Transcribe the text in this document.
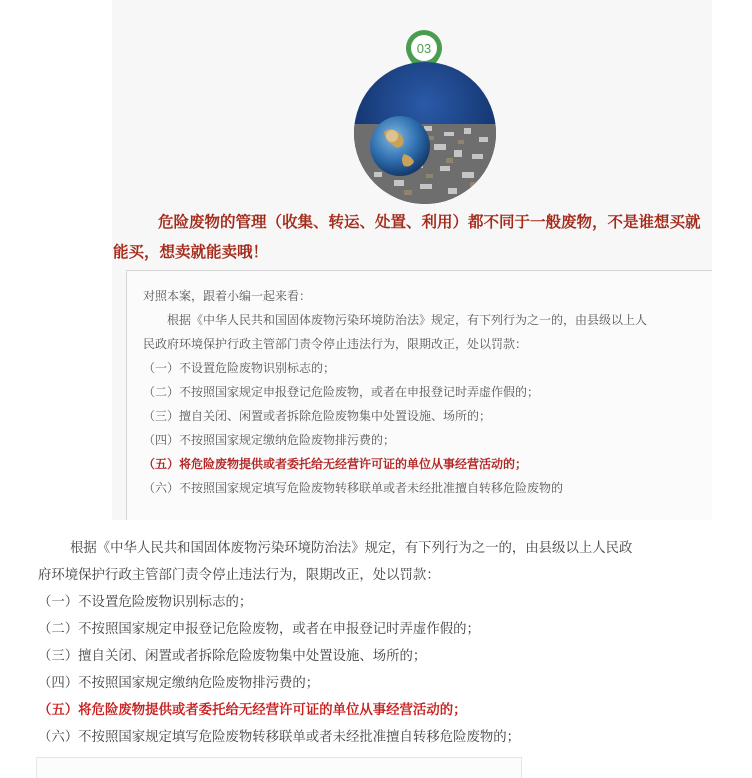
03
危险废物的管理（收集、转运、处置、利用）都不同于一般废物，不是谁想买就
能买，想卖就能卖哦！
对照本案，跟着小编一起来看：
根据《中华人民共和国固体废物污染环境防治法》规定，有下列行为之一的，由县级以上人
民政府环境保护行政主管部门责令停止违法行为，限期改正，处以罚款：
（一）不设置危险废物识别标志的；
（二）不按照国家规定申报登记危险废物，或者在申报登记时弄虚作假的；
（三）擅自关闭、闲置或者拆除危险废物集中处置设施、场所的；
（四）不按照国家规定缴纳危险废物排污费的；
（五）将危险废物提供或者委托给无经营许可证的单位从事经营活动的；
（六）不按照国家规定填写危险废物转移联单或者未经批准擅自转移危险废物的
根据《中华人民共和国固体废物污染环境防治法》规定，有下列行为之一的，由县级以上人民政
府环境保护行政主管部门责令停止违法行为，限期改正，处以罚款：
（一）不设置危险废物识别标志的；
（二）不按照国家规定申报登记危险废物，或者在申报登记时弄虚作假的；
（三）擅自关闭、闲置或者拆除危险废物集中处置设施、场所的；
（四）不按照国家规定缴纳危险废物排污费的；
（五）将危险废物提供或者委托给无经营许可证的单位从事经营活动的；
（六）不按照国家规定填写危险废物转移联单或者未经批准擅自转移危险废物的；
